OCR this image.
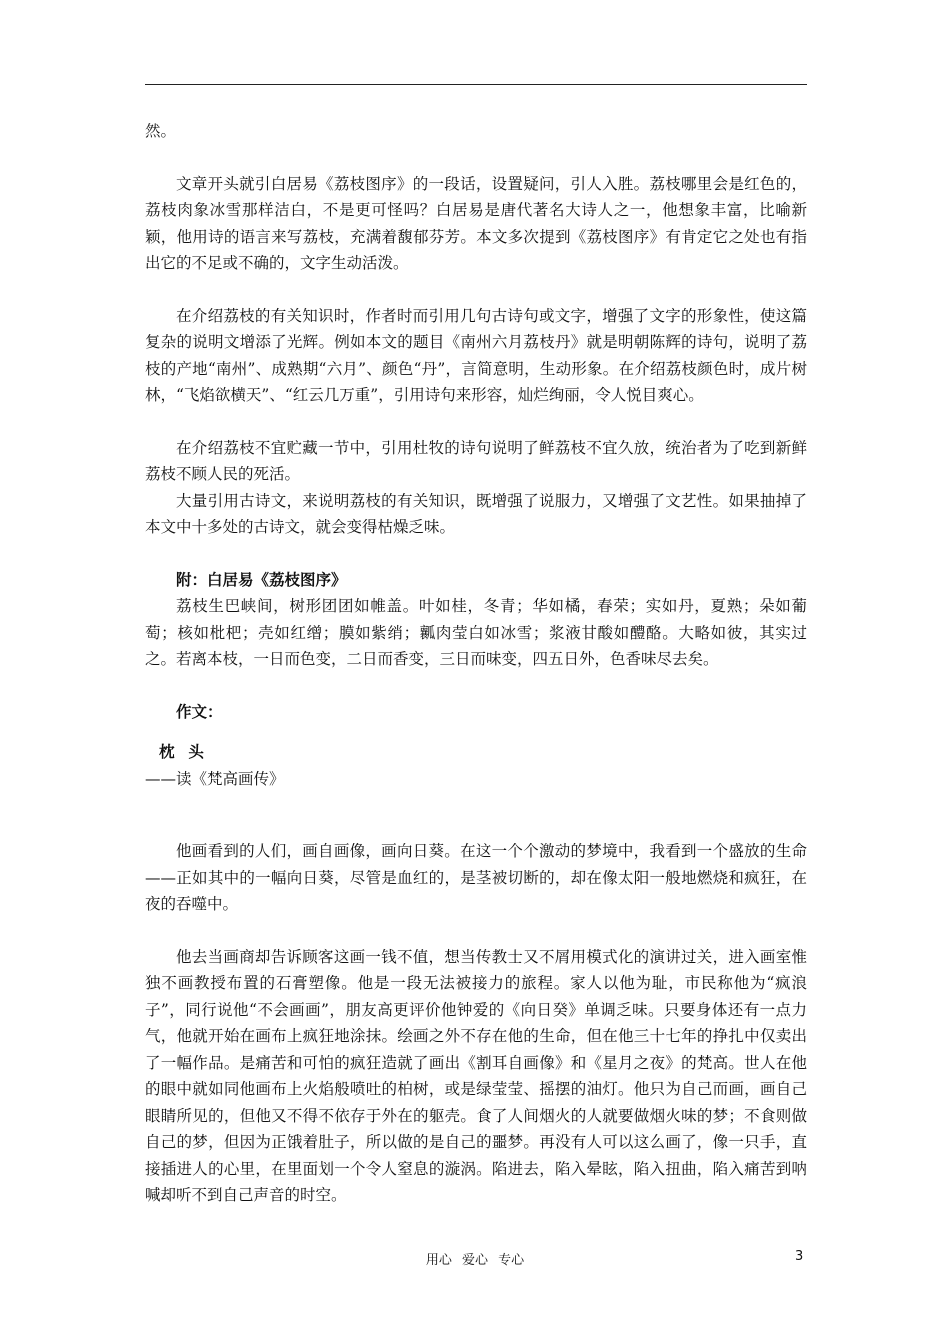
然。

文章开头就引白居易《荔枝图序》的一段话，设置疑问，引人入胜。荔枝哪里会是红色的，荔枝肉象冰雪那样洁白，不是更可怪吗？白居易是唐代著名大诗人之一，他想象丰富，比喻新颖，他用诗的语言来写荔枝，充满着馥郁芬芳。本文多次提到《荔枝图序》有肯定它之处也有指出它的不足或不确的，文字生动活泼。

在介绍荔枝的有关知识时，作者时而引用几句古诗句或文字，增强了文字的形象性，使这篇复杂的说明文增添了光辉。例如本文的题目《南州六月荔枝丹》就是明朝陈辉的诗句，说明了荔枝的产地“南州”、成熟期“六月”、颜色“丹”，言简意明，生动形象。在介绍荔枝颜色时，成片树林，“飞焰欲横天”、“红云几万重”，引用诗句来形容，灿烂绚丽，令人悦目爽心。

在介绍荔枝不宜贮藏一节中，引用杜牧的诗句说明了鲜荔枝不宜久放，统治者为了吃到新鲜荔枝不顾人民的死活。

大量引用古诗文，来说明荔枝的有关知识，既增强了说服力，又增强了文艺性。如果抽掉了本文中十多处的古诗文，就会变得枯燥乏味。

附：白居易《荔枝图序》

荔枝生巴峡间，树形团团如帷盖。叶如桂，冬青；华如橘，春荣；实如丹，夏熟；朵如葡萄；核如枇杷；壳如红缯；膜如紫绡；瓤肉莹白如冰雪；浆液甘酸如醴酪。大略如彼，其实过之。若离本枝，一日而色变，二日而香变，三日而味变，四五日外，色香味尽去矣。

作文：

枕头

——读《梵高画传》

他画看到的人们，画自画像，画向日葵。在这一个个激动的梦境中，我看到一个盛放的生命——正如其中的一幅向日葵，尽管是血红的，是茎被切断的，却在像太阳一般地燃烧和疯狂，在夜的吞噬中。

他去当画商却告诉顾客这画一钱不值，想当传教士又不屑用模式化的演讲过关，进入画室惟独不画教授布置的石膏塑像。他是一段无法被接力的旅程。家人以他为耻，市民称他为“疯浪子”，同行说他“不会画画”，朋友高更评价他钟爱的《向日癸》单调乏味。只要身体还有一点力气，他就开始在画布上疯狂地涂抹。绘画之外不存在他的生命，但在他三十七年的挣扎中仅卖出了一幅作品。是痛苦和可怕的疯狂造就了画出《割耳自画像》和《星月之夜》的梵高。世人在他的眼中就如同他画布上火焰般喷吐的柏树，或是绿莹莹、摇摆的油灯。他只为自己而画，画自己眼睛所见的，但他又不得不依存于外在的躯壳。食了人间烟火的人就要做烟火味的梦；不食则做自己的梦，但因为正饿着肚子，所以做的是自己的噩梦。再没有人可以这么画了，像一只手，直接插进人的心里，在里面划一个令人窒息的漩涡。陷进去，陷入晕眩，陷入扭曲，陷入痛苦到呐喊却听不到自己声音的时空。

用心 爱心 专心	3
